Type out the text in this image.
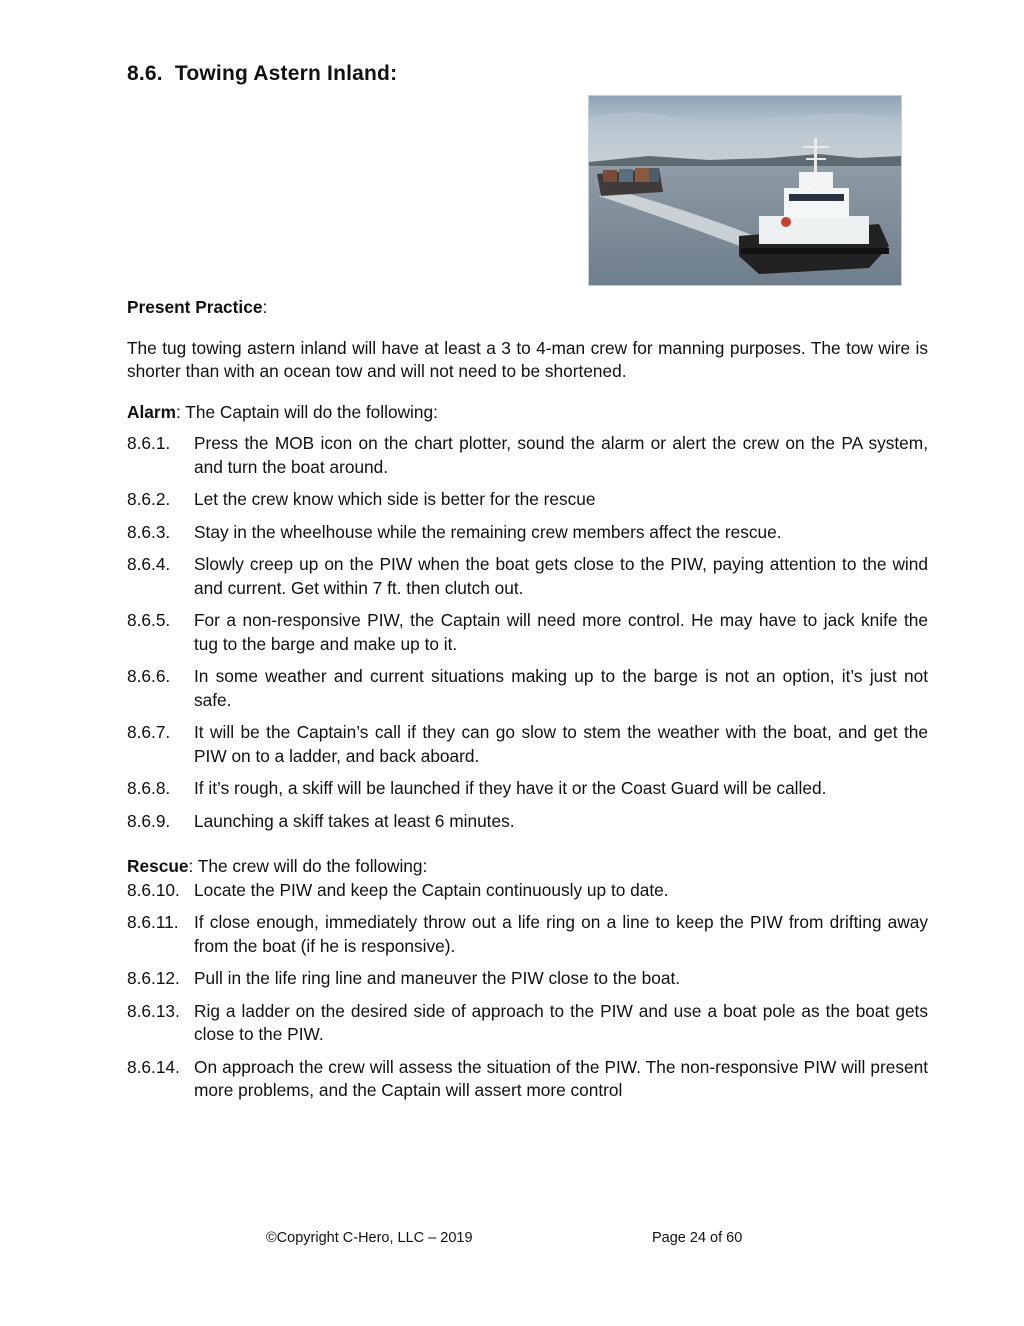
8.6. Towing Astern Inland:

Present Practice:

The tug towing astern inland will have at least a 3 to 4-man crew for manning purposes. The tow wire is shorter than with an ocean tow and will not need to be shortened.

Alarm: The Captain will do the following:

8.6.1.	Press the MOB icon on the chart plotter, sound the alarm or alert the crew on the PA system, and turn the boat around.
8.6.2.	Let the crew know which side is better for the rescue
8.6.3.	Stay in the wheelhouse while the remaining crew members affect the rescue.
8.6.4.	Slowly creep up on the PIW when the boat gets close to the PIW, paying attention to the wind and current. Get within 7 ft. then clutch out.
8.6.5.	For a non-responsive PIW, the Captain will need more control. He may have to jack knife the tug to the barge and make up to it.
8.6.6.	In some weather and current situations making up to the barge is not an option, it’s just not safe.
8.6.7.	It will be the Captain’s call if they can go slow to stem the weather with the boat, and get the PIW on to a ladder, and back aboard.
8.6.8.	If it’s rough, a skiff will be launched if they have it or the Coast Guard will be called.
8.6.9.	Launching a skiff takes at least 6 minutes.

Rescue: The crew will do the following:

8.6.10. Locate the PIW and keep the Captain continuously up to date.
8.6.11. If close enough, immediately throw out a life ring on a line to keep the PIW from drifting away from the boat (if he is responsive).
8.6.12. Pull in the life ring line and maneuver the PIW close to the boat.
8.6.13. Rig a ladder on the desired side of approach to the PIW and use a boat pole as the boat gets close to the PIW.
8.6.14. On approach the crew will assess the situation of the PIW. The non-responsive PIW will present more problems, and the Captain will assert more control
©Copyright C-Hero, LLC – 2019	Page 24 of 60
